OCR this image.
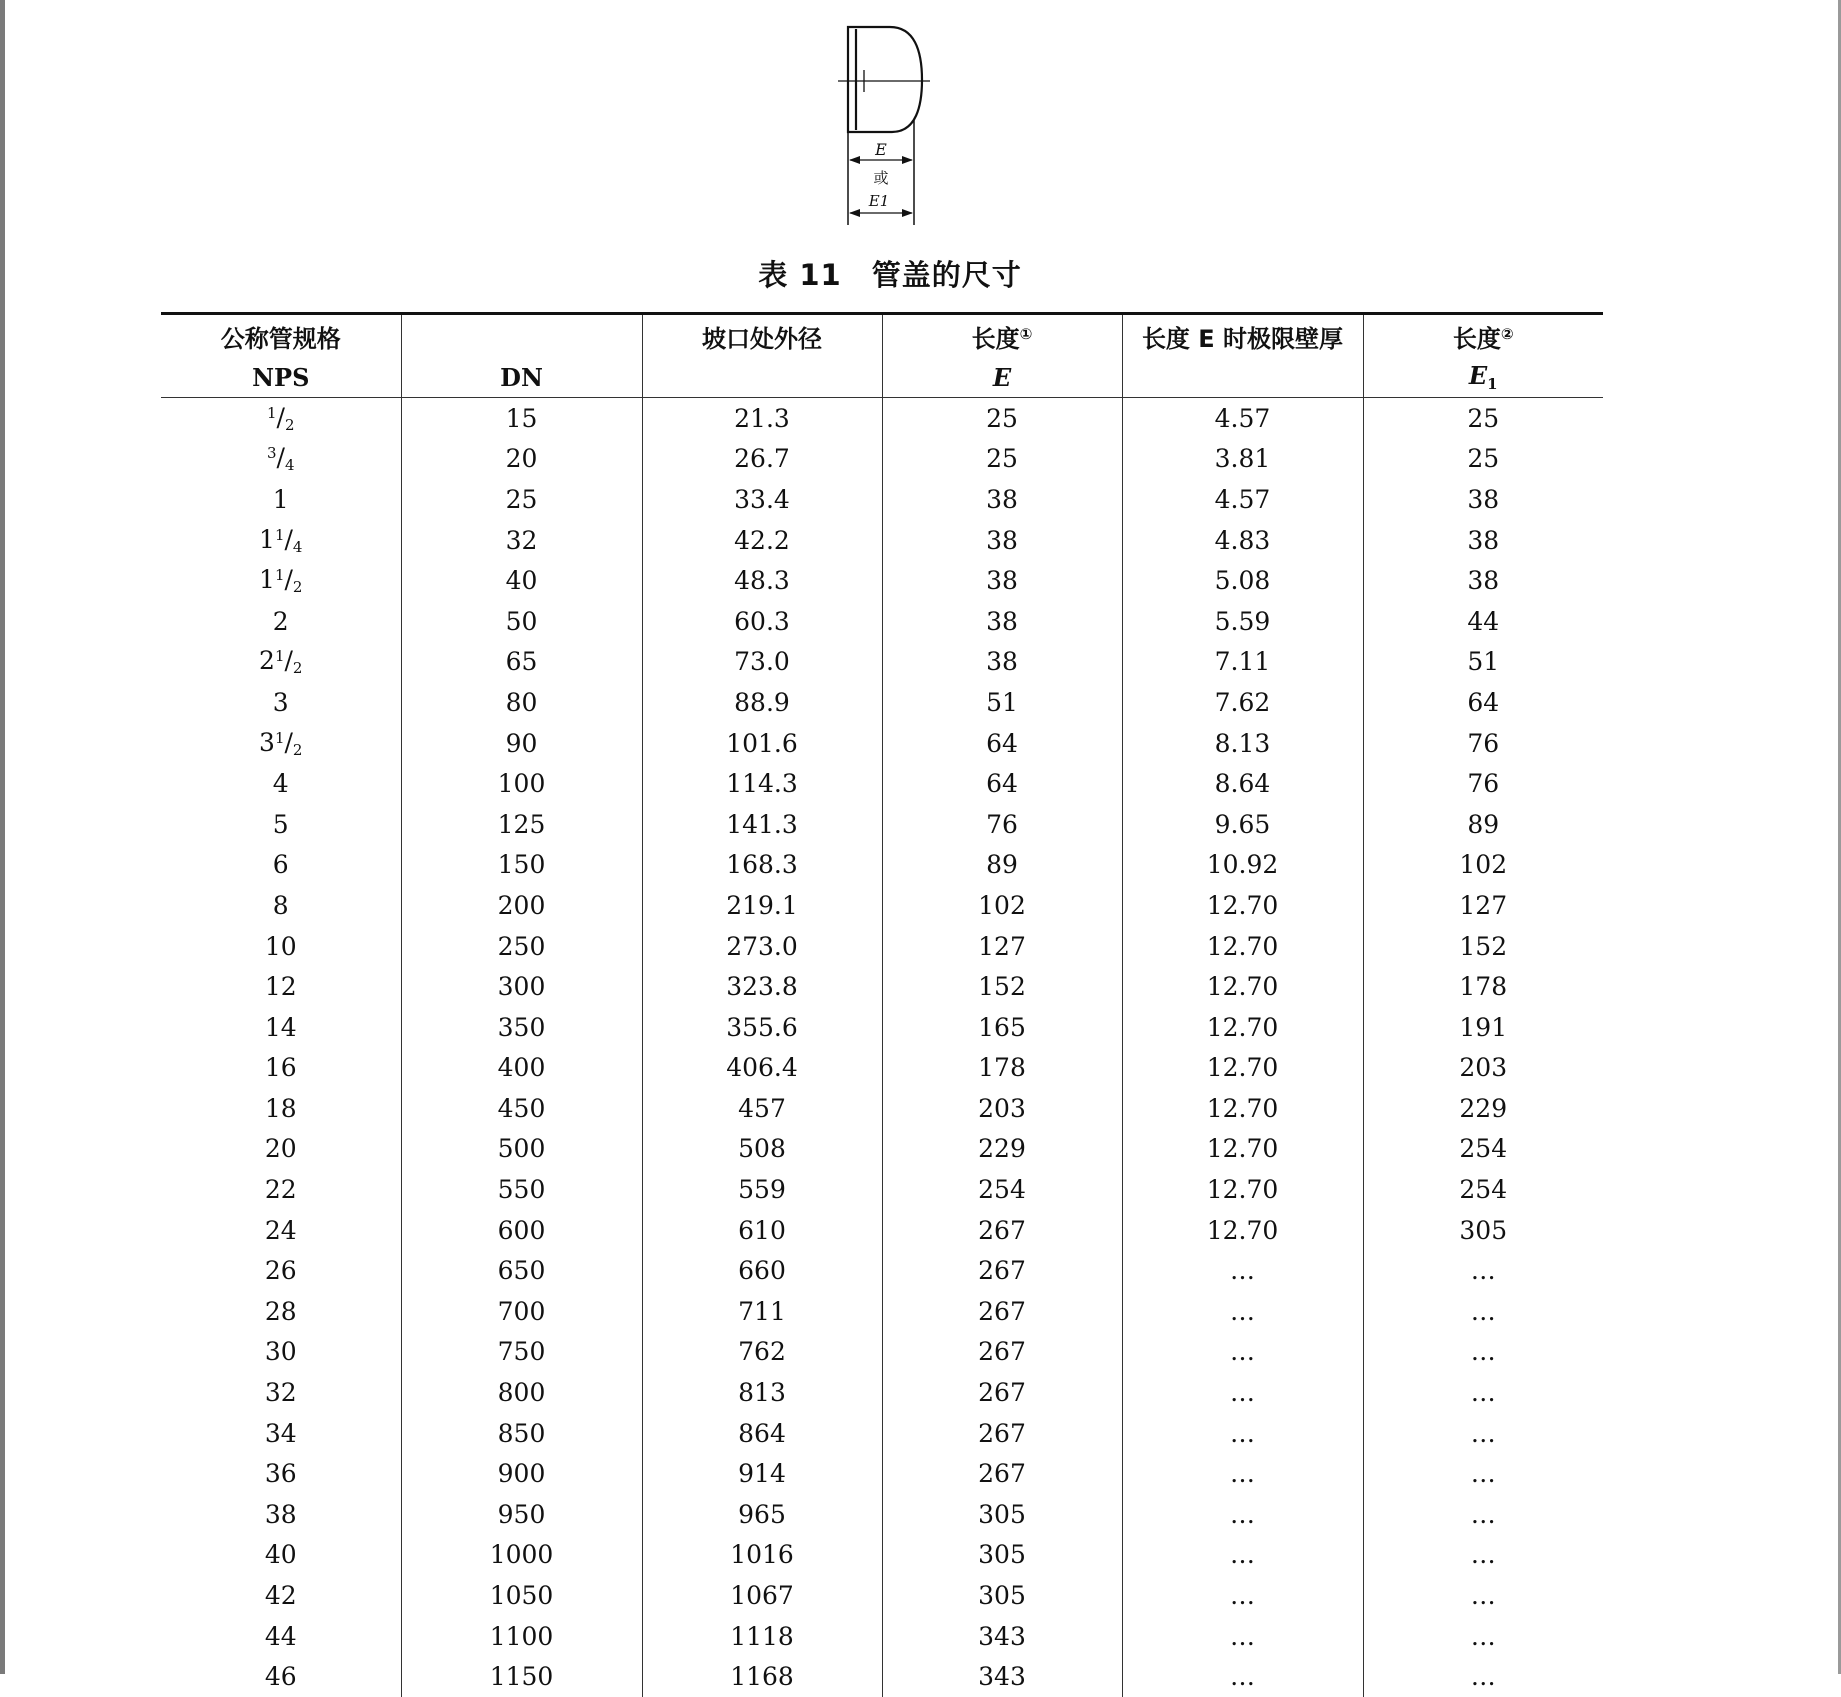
E
或
E1
表 11 管盖的尺寸
公称管规格		坡口处外径	长度①	长度 E 时极限壁厚	长度②
NPS	DN		E		$E_1$
$^1/_2$	15	21.3	25	4.57	25
$^3/_4$	20	26.7	25	3.81	25
1	25	33.4	38	4.57	38
$1^1/_4$	32	42.2	38	4.83	38
$1^1/_2$	40	48.3	38	5.08	38
2	50	60.3	38	5.59	44
$2^1/_2$	65	73.0	38	7.11	51
3	80	88.9	51	7.62	64
$3^1/_2$	90	101.6	64	8.13	76
4	100	114.3	64	8.64	76
5	125	141.3	76	9.65	89
6	150	168.3	89	10.92	102
8	200	219.1	102	12.70	127
10	250	273.0	127	12.70	152
12	300	323.8	152	12.70	178
14	350	355.6	165	12.70	191
16	400	406.4	178	12.70	203
18	450	457	203	12.70	229
20	500	508	229	12.70	254
22	550	559	254	12.70	254
24	600	610	267	12.70	305
26	650	660	267	…	…
28	700	711	267	…	…
30	750	762	267	…	…
32	800	813	267	…	…
34	850	864	267	…	…
36	900	914	267	…	…
38	950	965	305	…	…
40	1000	1016	305	…	…
42	1050	1067	305	…	…
44	1100	1118	343	…	…
46	1150	1168	343	…	…
